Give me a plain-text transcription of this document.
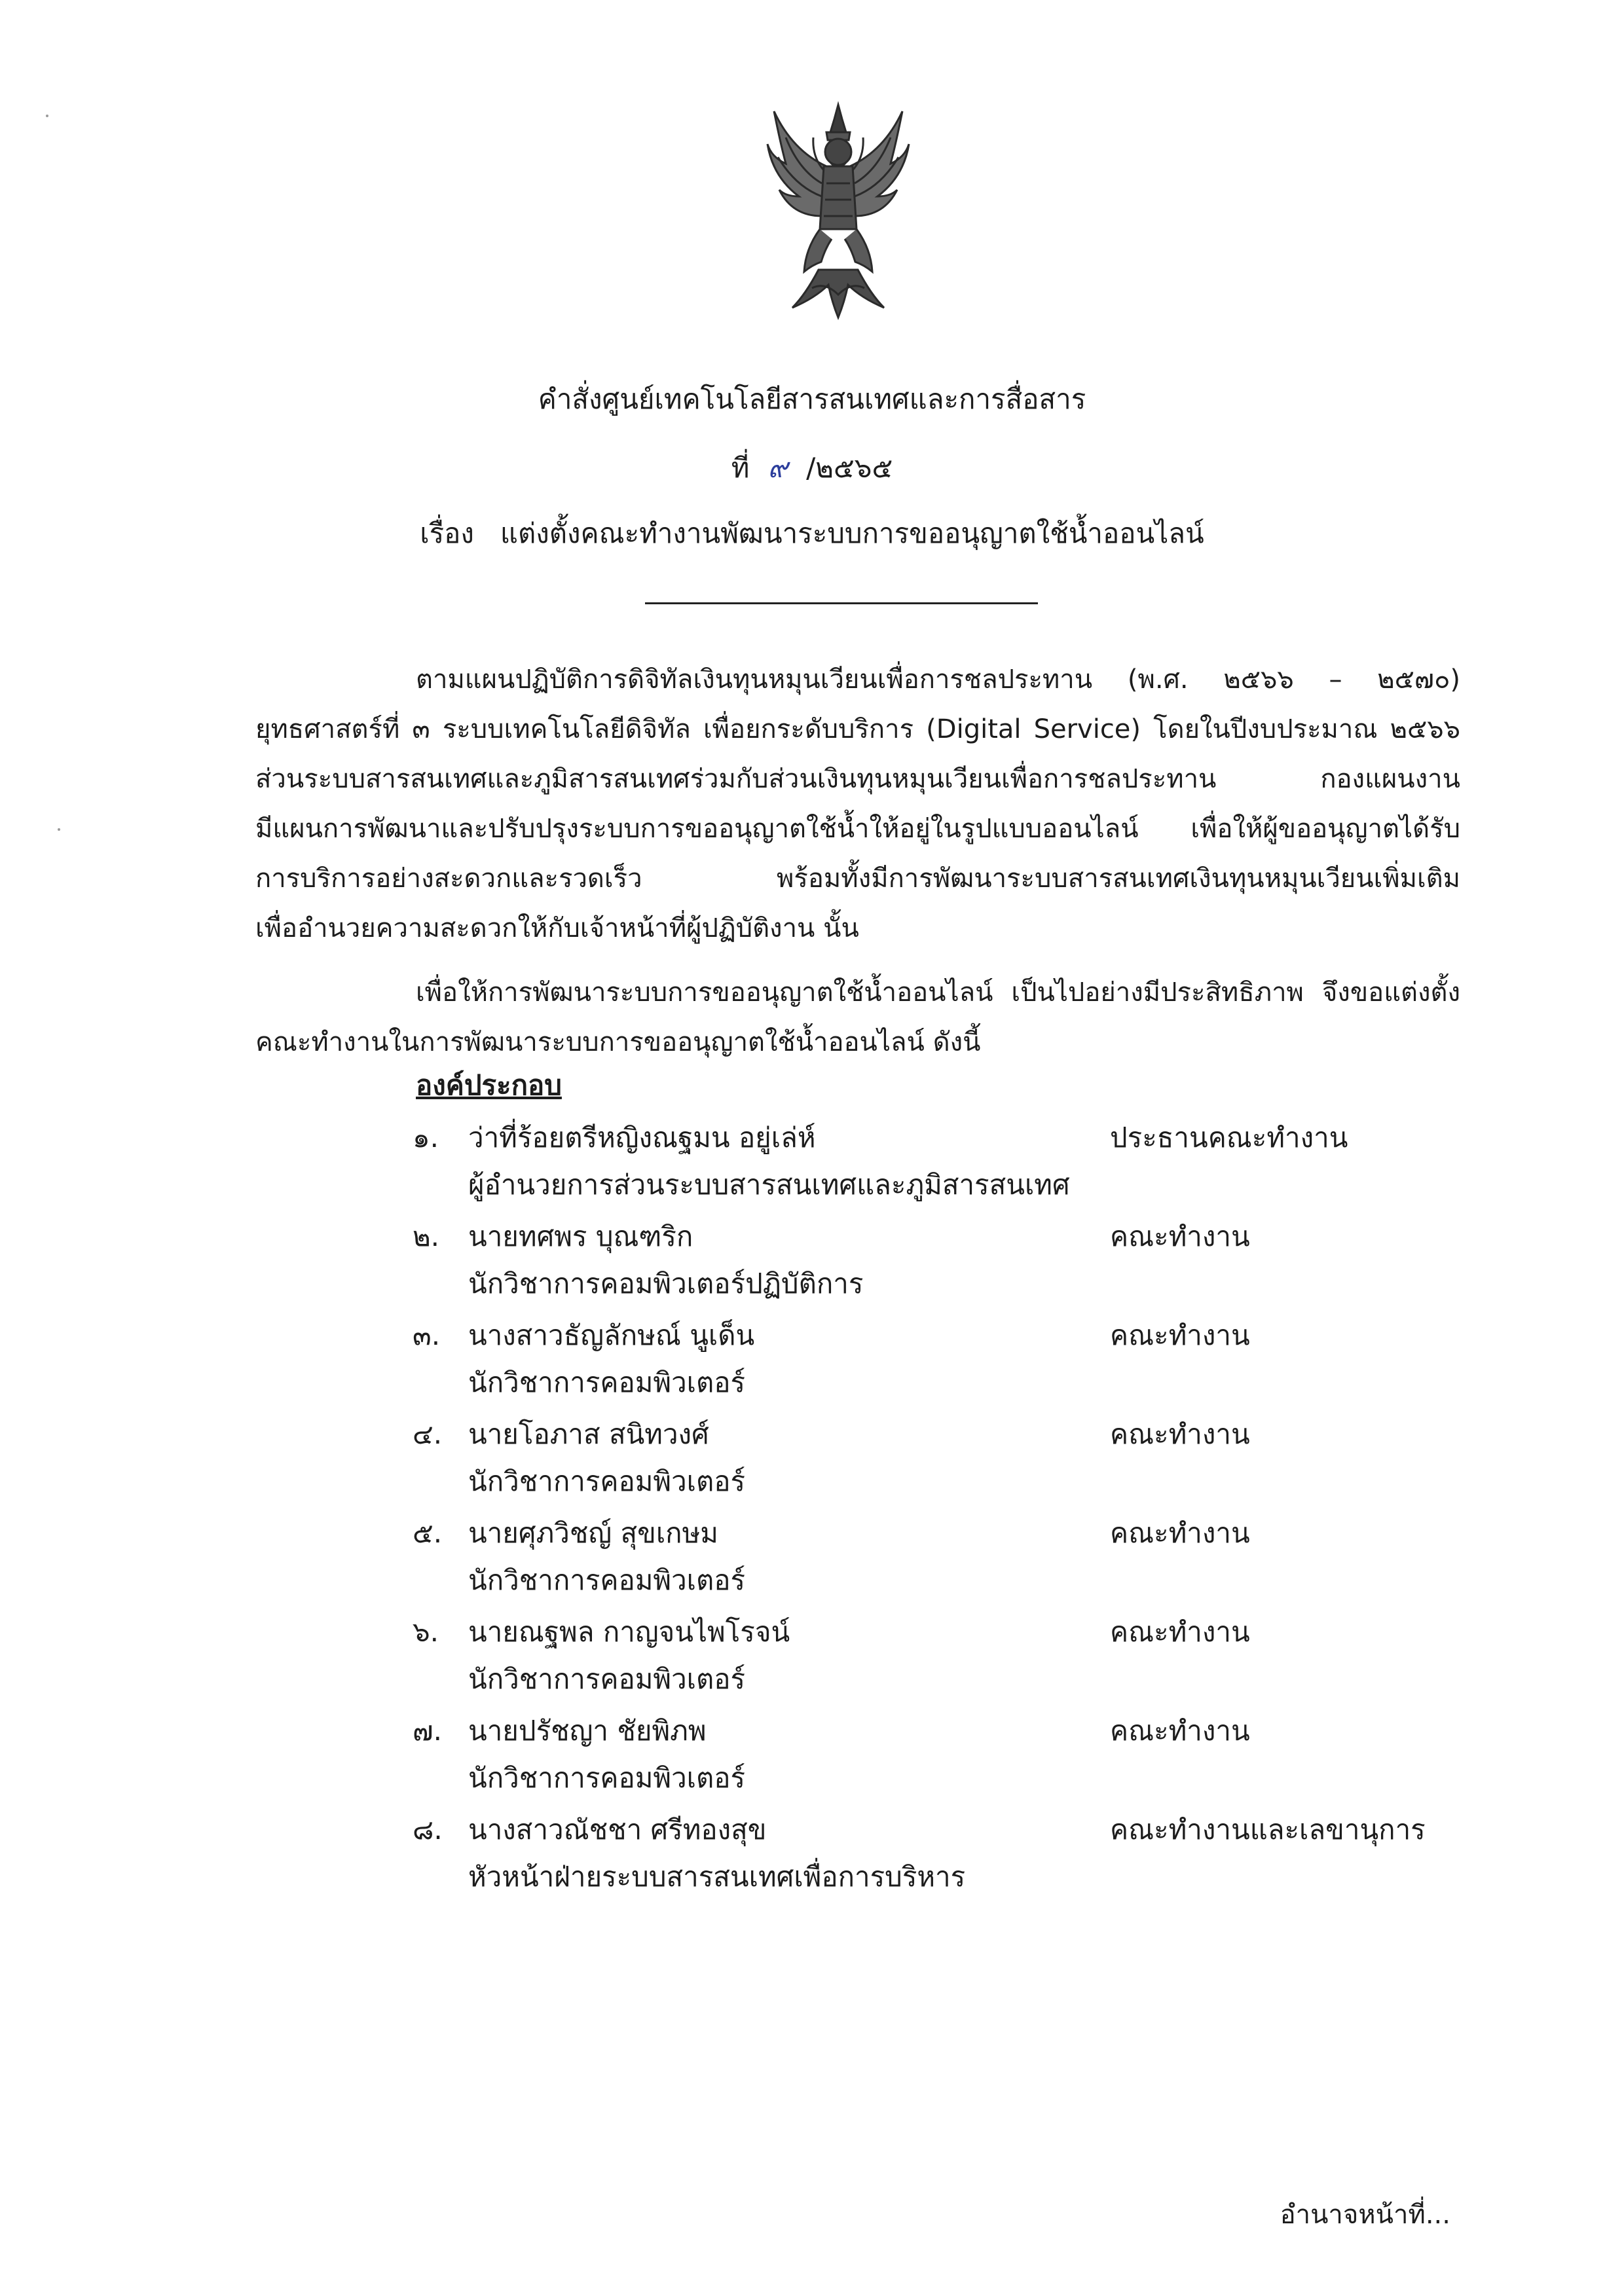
คำสั่งศูนย์เทคโนโลยีสารสนเทศและการสื่อสาร
ที่ ๙ /๒๕๖๕
เรื่อง แต่งตั้งคณะทำงานพัฒนาระบบการขออนุญาตใช้น้ำออนไลน์
ตามแผนปฏิบัติการดิจิทัลเงินทุนหมุนเวียนเพื่อการชลประทาน (พ.ศ. ๒๕๖๖ – ๒๕๗๐)
ยุทธศาสตร์ที่ ๓ ระบบเทคโนโลยีดิจิทัล เพื่อยกระดับบริการ (Digital Service) โดยในปีงบประมาณ ๒๕๖๖
ส่วนระบบสารสนเทศและภูมิสารสนเทศร่วมกับส่วนเงินทุนหมุนเวียนเพื่อการชลประทาน กองแผนงาน
มีแผนการพัฒนาและปรับปรุงระบบการขออนุญาตใช้น้ำให้อยู่ในรูปแบบออนไลน์ เพื่อให้ผู้ขออนุญาตได้รับ
การบริการอย่างสะดวกและรวดเร็ว พร้อมทั้งมีการพัฒนาระบบสารสนเทศเงินทุนหมุนเวียนเพิ่มเติม
เพื่ออำนวยความสะดวกให้กับเจ้าหน้าที่ผู้ปฏิบัติงาน นั้น
เพื่อให้การพัฒนาระบบการขออนุญาตใช้น้ำออนไลน์ เป็นไปอย่างมีประสิทธิภาพ จึงขอแต่งตั้ง
คณะทำงานในการพัฒนาระบบการขออนุญาตใช้น้ำออนไลน์ ดังนี้
องค์ประกอบ
๑.	ว่าที่ร้อยตรีหญิงณฐมน อยู่เล่ห์
ผู้อำนวยการส่วนระบบสารสนเทศและภูมิสารสนเทศ
ประธานคณะทำงาน
๒.	นายทศพร บุณฑริก
นักวิชาการคอมพิวเตอร์ปฏิบัติการ
คณะทำงาน
๓.	นางสาวธัญลักษณ์ นูเด็น
นักวิชาการคอมพิวเตอร์
คณะทำงาน
๔. นายโอภาส สนิทวงศ์
นักวิชาการคอมพิวเตอร์
คณะทำงาน
๕. นายศุภวิชญ์ สุขเกษม
นักวิชาการคอมพิวเตอร์
คณะทำงาน
๖.	นายณฐพล กาญจนไพโรจน์
นักวิชาการคอมพิวเตอร์
คณะทำงาน
๗. นายปรัชญา ชัยพิภพ
นักวิชาการคอมพิวเตอร์
คณะทำงาน
๘. นางสาวณัชชา ศรีทองสุข
หัวหน้าฝ่ายระบบสารสนเทศเพื่อการบริหาร
คณะทำงานและเลขานุการ
อำนาจหน้าที่...
